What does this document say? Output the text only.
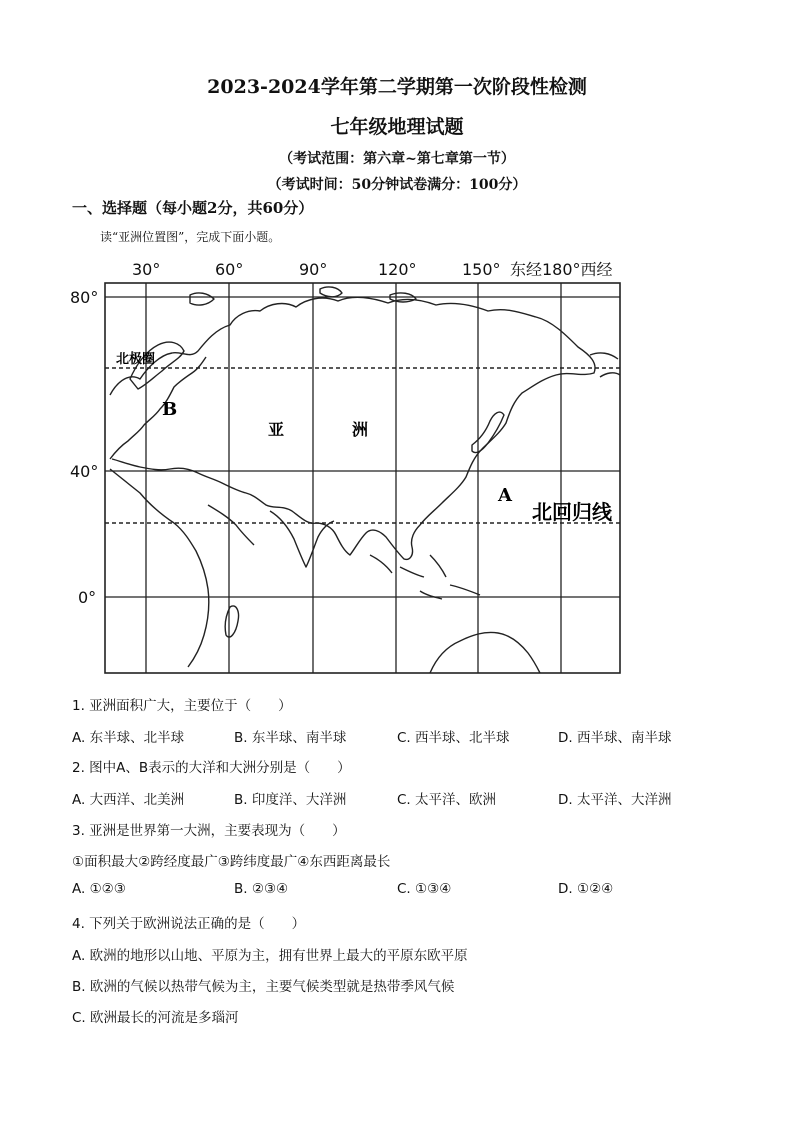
2023-2024学年第二学期第一次阶段性检测
七年级地理试题
（考试范围：第六章~第七章第一节）
（考试时间：50分钟试卷满分：100分）
一、选择题（每小题2分，共60分）
读“亚洲位置图”，完成下面小题。
30°	60°	90°	120°	150° 东经180°西经
80°
40°
0°
北极圈
北回归线
B
A
亚	洲
1. 亚洲面积广大，主要位于（　　）
A. 东半球、北半球	B. 东半球、南半球	C. 西半球、北半球	D. 西半球、南半球
2. 图中A、B表示的大洋和大洲分别是（　　）
A. 大西洋、北美洲	B. 印度洋、大洋洲	C. 太平洋、欧洲	D. 太平洋、大洋洲
3. 亚洲是世界第一大洲，主要表现为（　　）
①面积最大②跨经度最广③跨纬度最广④东西距离最长
A. ①②③	B. ②③④	C. ①③④	D. ①②④
4. 下列关于欧洲说法正确的是（　　）
A. 欧洲的地形以山地、平原为主，拥有世界上最大的平原东欧平原
B. 欧洲的气候以热带气候为主，主要气候类型就是热带季风气候
C. 欧洲最长的河流是多瑙河
